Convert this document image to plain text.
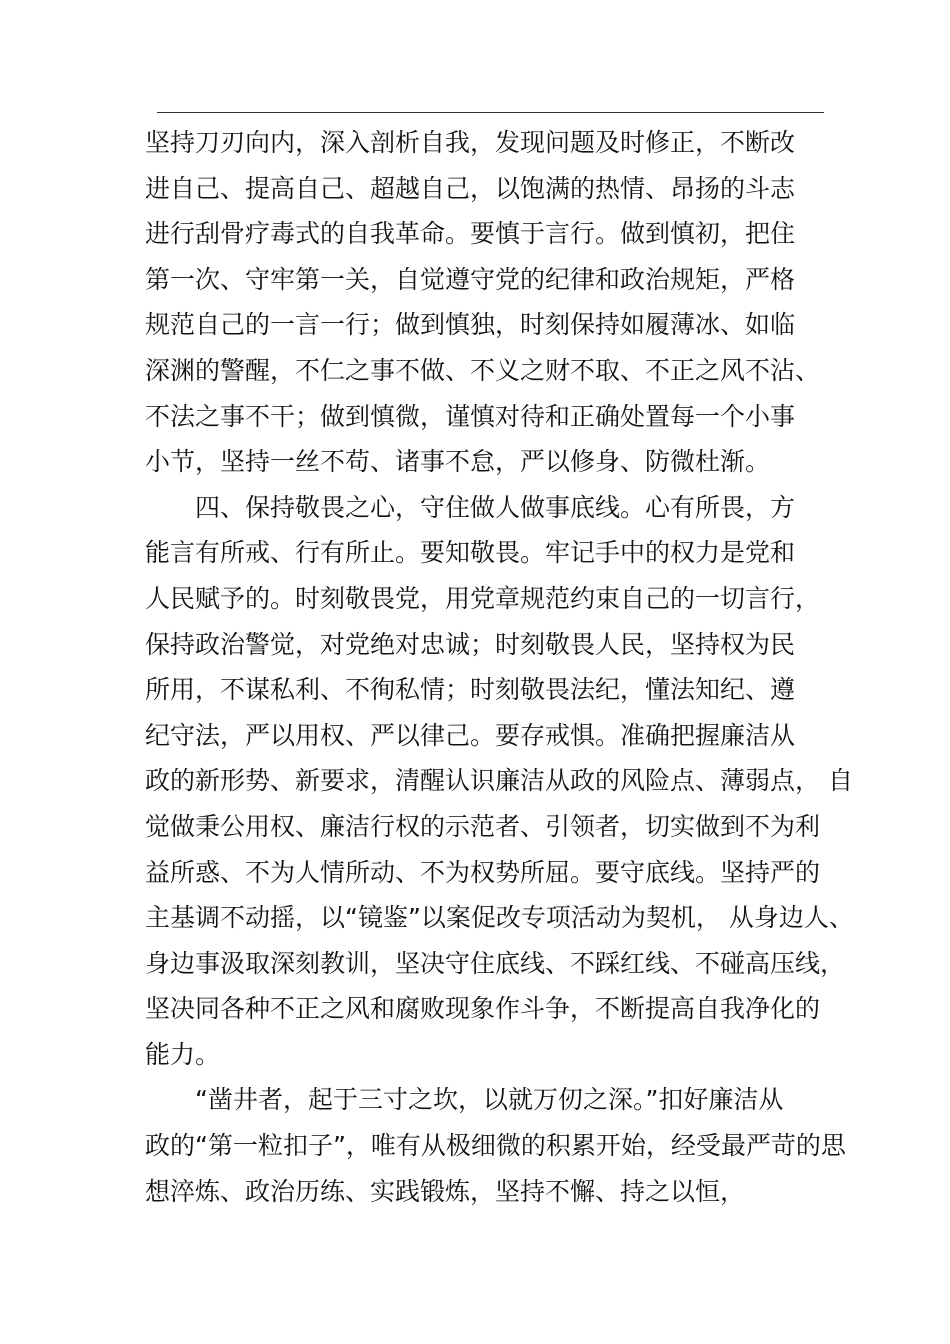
坚持刀刃向内，深入剖析自我，发现问题及时修正，不断改
进自己、提高自己、超越自己，以饱满的热情、昂扬的斗志
进行刮骨疗毒式的自我革命。要慎于言行。做到慎初，把住
第一次、守牢第一关，自觉遵守党的纪律和政治规矩，严格
规范自己的一言一行；做到慎独，时刻保持如履薄冰、如临
深渊的警醒，不仁之事不做、不义之财不取、不正之风不沾、
不法之事不干；做到慎微，谨慎对待和正确处置每一个小事
小节，坚持一丝不苟、诸事不怠，严以修身、防微杜渐。
四、保持敬畏之心，守住做人做事底线。心有所畏，方
能言有所戒、行有所止。要知敬畏。牢记手中的权力是党和
人民赋予的。时刻敬畏党，用党章规范约束自己的一切言行，
保持政治警觉，对党绝对忠诚；时刻敬畏人民，坚持权为民
所用，不谋私利、不徇私情；时刻敬畏法纪，懂法知纪、遵
纪守法，严以用权、严以律己。要存戒惧。准确把握廉洁从
政的新形势、新要求，清醒认识廉洁从政的风险点、薄弱点， 自
觉做秉公用权、廉洁行权的示范者、引领者，切实做到不为利
益所惑、不为人情所动、不为权势所屈。要守底线。坚持严的
主基调不动摇，以“镜鉴”以案促改专项活动为契机， 从身边人、
身边事汲取深刻教训，坚决守住底线、不踩红线、不碰高压线，
坚决同各种不正之风和腐败现象作斗争，不断提高自我净化的
能力。
“凿井者，起于三寸之坎，以就万仞之深。”扣好廉洁从
政的“第一粒扣子”，唯有从极细微的积累开始，经受最严苛的思
想淬炼、政治历练、实践锻炼，坚持不懈、持之以恒，
